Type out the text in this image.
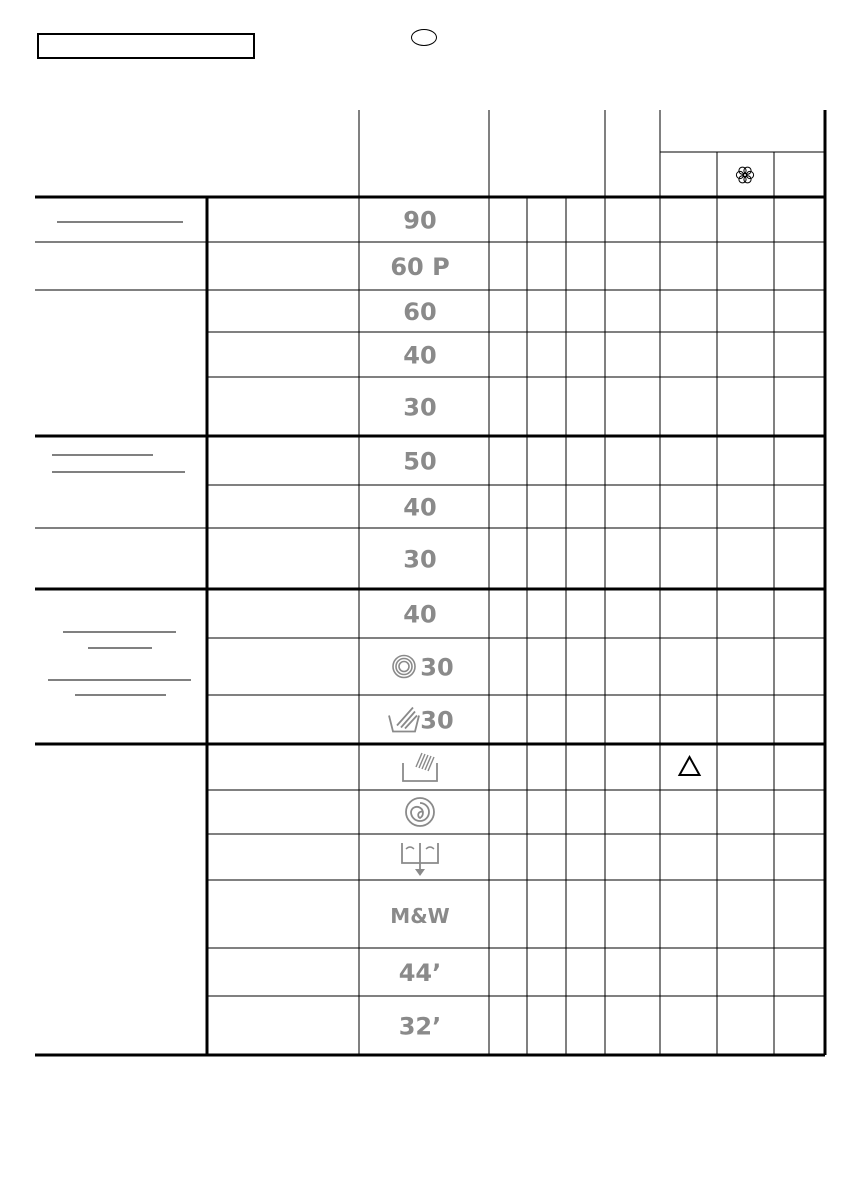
90
60 P
60
40
30
50
40
30
40
30
30
M&W
44’
32’
